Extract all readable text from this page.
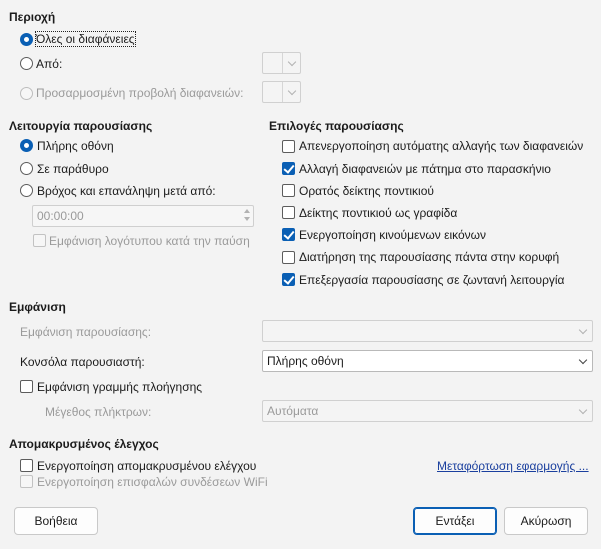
Περιοχή
Όλες οι διαφάνειες
Από:
Προσαρμοσμένη προβολή διαφανειών:
Λειτουργία παρουσίασης
Πλήρης οθόνη
Σε παράθυρο
Βρόχος και επανάληψη μετά από:
00:00:00
Εμφάνιση λογότυπου κατά την παύση
Επιλογές παρουσίασης
Απενεργοποίηση αυτόματης αλλαγής των διαφανειών
Αλλαγή διαφανειών με πάτημα στο παρασκήνιο
Ορατός δείκτης ποντικιού
Δείκτης ποντικιού ως γραφίδα
Ενεργοποίηση κινούμενων εικόνων
Διατήρηση της παρουσίασης πάντα στην κορυφή
Επεξεργασία παρουσίασης σε ζωντανή λειτουργία
Εμφάνιση
Εμφάνιση παρουσίασης:
Κονσόλα παρουσιαστή:	Πλήρης οθόνη
Εμφάνιση γραμμής πλοήγησης
Μέγεθος πλήκτρων:	Αυτόματα
Απομακρυσμένος έλεγχος
Ενεργοποίηση απομακρυσμένου ελέγχου
Ενεργοποίηση επισφαλών συνδέσεων WiFi
Μεταφόρτωση εφαρμογής ...
Βοήθεια	Εντάξει	Ακύρωση
